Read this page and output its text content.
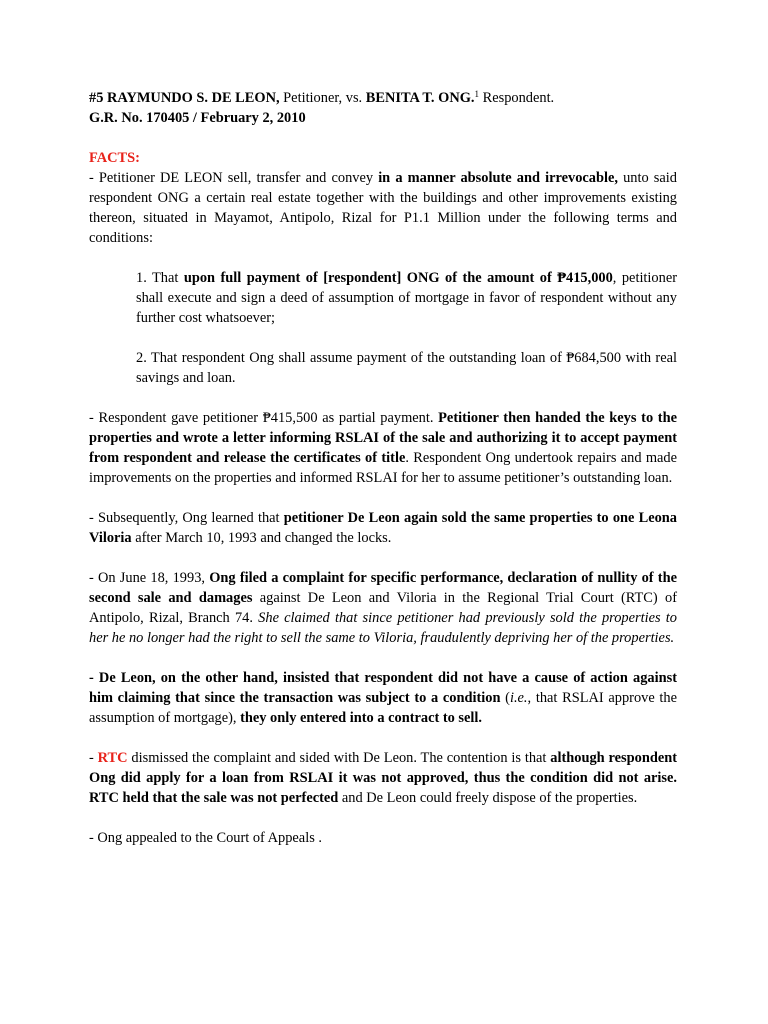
#5 RAYMUNDO S. DE LEON, Petitioner, vs. BENITA T. ONG.$^1$ Respondent.

G.R. No. 170405 / February 2, 2010

FACTS:

- Petitioner DE LEON sell, transfer and convey in a manner absolute and irrevocable, unto said respondent ONG a certain real estate together with the buildings and other improvements existing thereon, situated in Mayamot, Antipolo, Rizal for P1.1 Million under the following terms and conditions:

1. That upon full payment of [respondent] ONG of the amount of ₱415,000, petitioner shall execute and sign a deed of assumption of mortgage in favor of respondent without any further cost whatsoever;

2. That respondent Ong shall assume payment of the outstanding loan of ₱684,500 with real savings and loan.

- Respondent gave petitioner ₱415,500 as partial payment. Petitioner then handed the keys to the properties and wrote a letter informing RSLAI of the sale and authorizing it to accept payment from respondent and release the certificates of title. Respondent Ong undertook repairs and made improvements on the properties and informed RSLAI for her to assume petitioner’s outstanding loan.

- Subsequently, Ong learned that petitioner De Leon again sold the same properties to one Leona Viloria after March 10, 1993 and changed the locks.

- On June 18, 1993, Ong filed a complaint for specific performance, declaration of nullity of the second sale and damages against De Leon and Viloria in the Regional Trial Court (RTC) of Antipolo, Rizal, Branch 74. She claimed that since petitioner had previously sold the properties to her he no longer had the right to sell the same to Viloria, fraudulently depriving her of the properties.

- De Leon, on the other hand, insisted that respondent did not have a cause of action against him claiming that since the transaction was subject to a condition (i.e., that RSLAI approve the assumption of mortgage), they only entered into a contract to sell.

- RTC dismissed the complaint and sided with De Leon. The contention is that although respondent Ong did apply for a loan from RSLAI it was not approved, thus the condition did not arise. RTC held that the sale was not perfected and De Leon could freely dispose of the properties.

- Ong appealed to the Court of Appeals .
